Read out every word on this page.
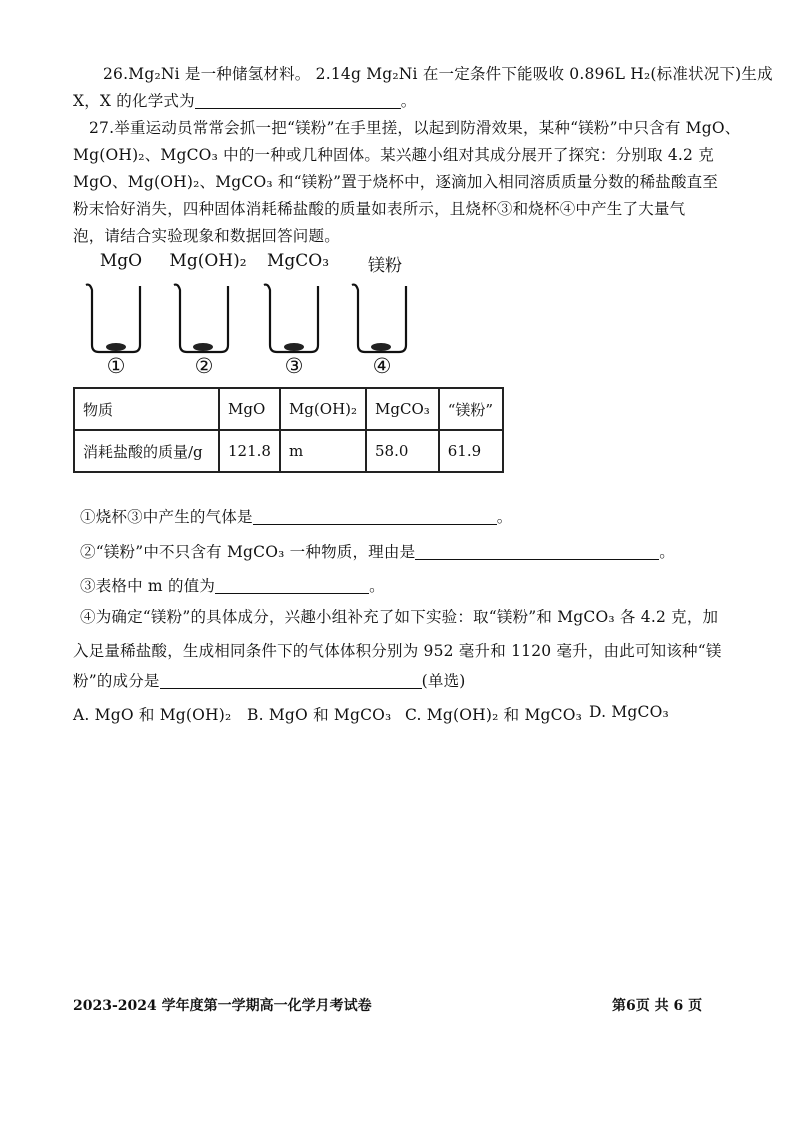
26.Mg₂Ni 是一种储氢材料。 2.14g Mg₂Ni 在一定条件下能吸收 0.896L H₂(标准状况下)生成
X，X 的化学式为	。
27.举重运动员常常会抓一把“镁粉”在手里搓，以起到防滑效果，某种“镁粉”中只含有 MgO、
Mg(OH)₂、MgCO₃ 中的一种或几种固体。某兴趣小组对其成分展开了探究：分别取 4.2 克
MgO、Mg(OH)₂、MgCO₃ 和“镁粉”置于烧杯中，逐滴加入相同溶质质量分数的稀盐酸直至
粉末恰好消失，四种固体消耗稀盐酸的质量如表所示，且烧杯③和烧杯④中产生了大量气
泡，请结合实验现象和数据回答问题。
MgO	Mg(OH)₂	MgCO₃	镁粉
①	②	③	④
物质	MgO	Mg(OH)₂	MgCO₃	“镁粉”
消耗盐酸的质量/g	121.8	m	58.0	61.9
①烧杯③中产生的气体是	。
②“镁粉”中不只含有 MgCO₃ 一种物质，理由是	。
③表格中 m 的值为	。
④为确定“镁粉”的具体成分，兴趣小组补充了如下实验：取“镁粉”和 MgCO₃ 各 4.2 克，加
入足量稀盐酸，生成相同条件下的气体体积分别为 952 毫升和 1120 毫升，由此可知该种“镁
粉”的成分是	(单选)
A. MgO 和 Mg(OH)₂ B. MgO 和 MgCO₃ C. Mg(OH)₂ 和 MgCO₃ D. MgCO₃
2023-2024 学年度第一学期高一化学月考试卷	第6页 共 6 页
